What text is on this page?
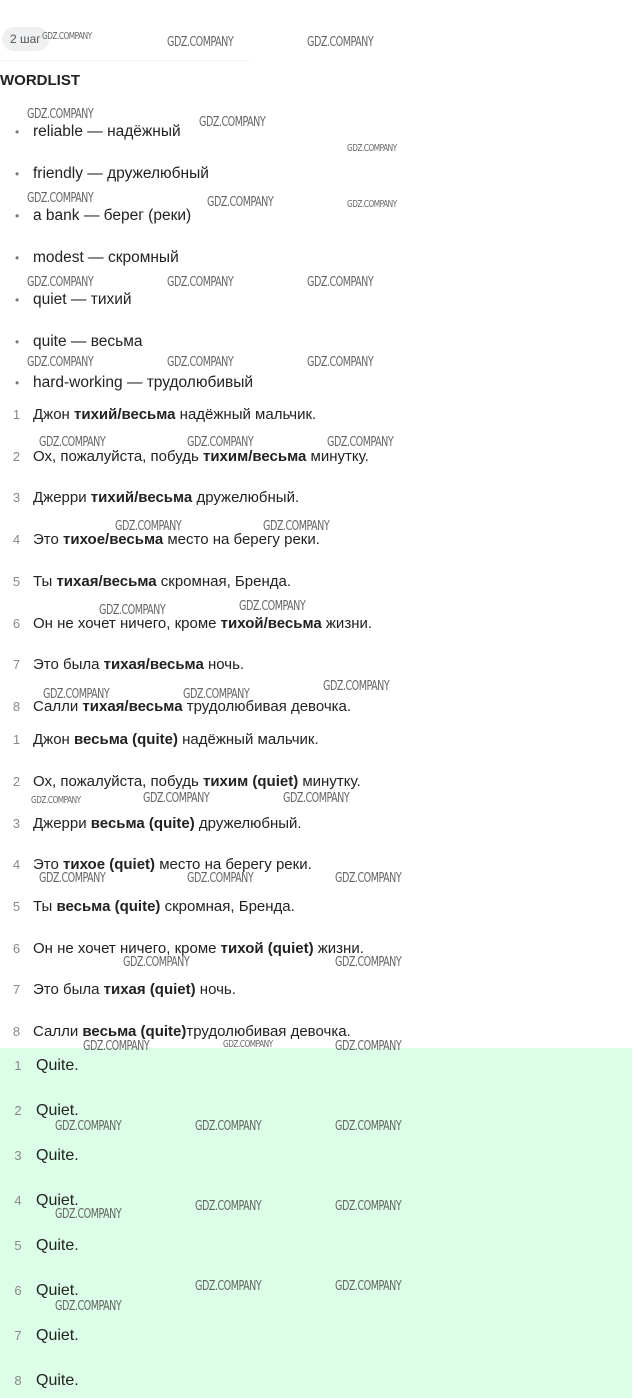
2 шаг
WORDLIST
• reliable — надёжный
• friendly — дружелюбный
• a bank — берег (реки)
• modest — скромный
• quiet — тихий
• quite — весьма
• hard-working — трудолюбивый
1 Джон тихий/весьма надёжный мальчик.
2 Ох, пожалуйста, побудь тихим/весьма минутку.
3 Джерри тихий/весьма дружелюбный.
4 Это тихое/весьма место на берегу реки.
5 Ты тихая/весьма скромная, Бренда.
6 Он не хочет ничего, кроме тихой/весьма жизни.
7 Это была тихая/весьма ночь.
8 Салли тихая/весьма трудолюбивая девочка.
1 Джон весьма (quite) надёжный мальчик.
2 Ох, пожалуйста, побудь тихим (quiet) минутку.
3 Джерри весьма (quite) дружелюбный.
4 Это тихое (quiet) место на берегу реки.
5 Ты весьма (quite) скромная, Бренда.
6 Он не хочет ничего, кроме тихой (quiet) жизни.
7 Это была тихая (quiet) ночь.
8 Салли весьма (quite)трудолюбивая девочка.
1 Quite.
2 Quiet.
3 Quite.
4 Quiet.
5 Quite.
6 Quiet.
7 Quiet.
8 Quite.
GDZ.COMPANY	GDZ.COMPANY	GDZ.COMPANY
GDZ.COMPANY
GDZ.COMPANY
GDZ.COMPANY
GDZ.COMPANY	GDZ.COMPANY	GDZ.COMPANY
GDZ.COMPANY	GDZ.COMPANY	GDZ.COMPANY
GDZ.COMPANY	GDZ.COMPANY	GDZ.COMPANY
GDZ.COMPANY	GDZ.COMPANY	GDZ.COMPANY
GDZ.COMPANY	GDZ.COMPANY
GDZ.COMPANY	GDZ.COMPANY
GDZ.COMPANY	GDZ.COMPANY
GDZ.COMPANY
GDZ.COMPANY	GDZ.COMPANY	GDZ.COMPANY
GDZ.COMPANY	GDZ.COMPANY	GDZ.COMPANY
GDZ.COMPANY	GDZ.COMPANY
GDZ.COMPANY	GDZ.COMPANY	GDZ.COMPANY
GDZ.COMPANY	GDZ.COMPANY	GDZ.COMPANY
GDZ.COMPANY
GDZ.COMPANY	GDZ.COMPANY
GDZ.COMPANY	GDZ.COMPANY
GDZ.COMPANY
